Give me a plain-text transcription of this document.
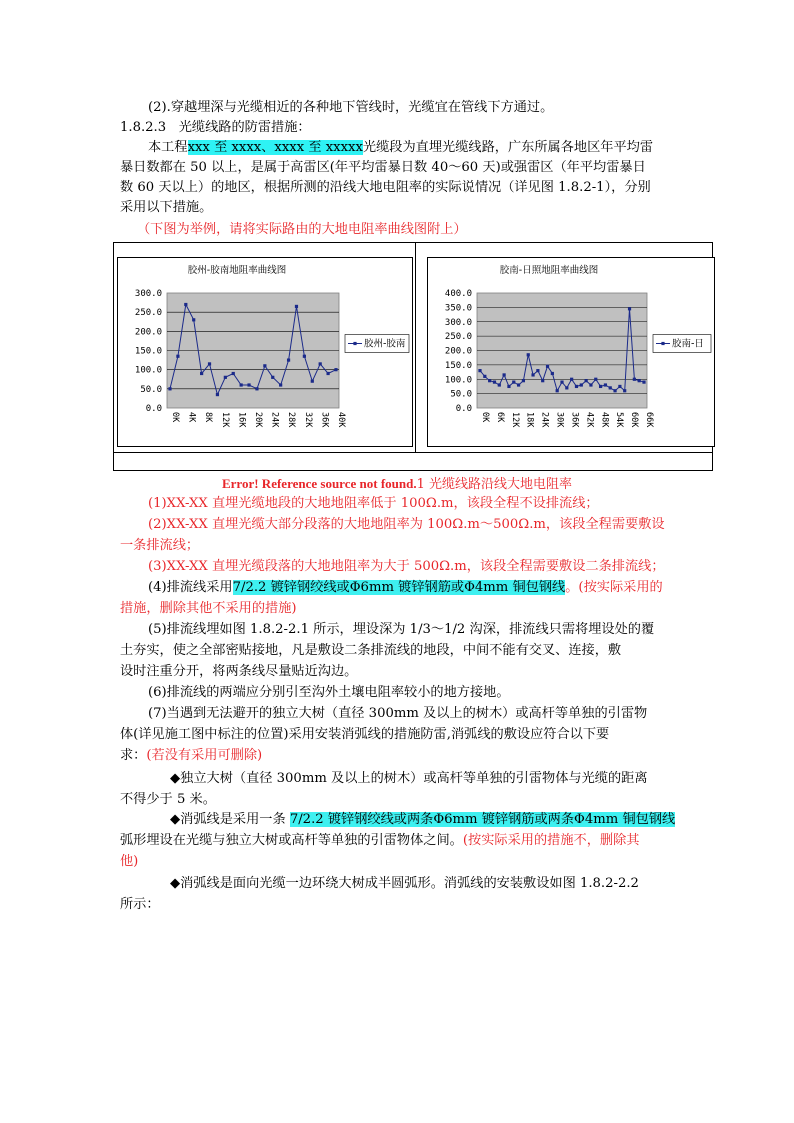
(2).穿越埋深与光缆相近的各种地下管线时，光缆宜在管线下方通过。
1.8.2.3 光缆线路的防雷措施：
本工程xxx 至 xxxx、xxxx 至 xxxxx光缆段为直埋光缆线路，广东所属各地区年平均雷
暴日数都在 50 以上，是属于高雷区(年平均雷暴日数 40～60 天)或强雷区（年平均雷暴日
数 60 天以上）的地区，根据所测的沿线大地电阻率的实际说情况（详见图 1.8.2-1），分别
采用以下措施。
（下图为举例，请将实际路由的大地电阻率曲线图附上）
胶州-胶南地阻率曲线图
0.0
50.0
100.0
150.0
200.0
250.0
300.0
0K 4K 8K 12K 16K 20K 24K 28K 32K 36K 40K
胶州-胶南
胶南-日照地阻率曲线图
0.0
50.0
100.0
150.0
200.0
250.0
300.0
350.0
400.0
0K 6K 12K 18K 24K 30K 36K 42K 48K 54K 60K 66K
胶南-日
Error! Reference source not found.1 光缆线路沿线大地电阻率
(1)XX-XX 直埋光缆地段的大地地阻率低于 100Ω.m，该段全程不设排流线；
(2)XX-XX 直埋光缆大部分段落的大地地阻率为 100Ω.m～500Ω.m，该段全程需要敷设
一条排流线；
(3)XX-XX 直埋光缆段落的大地地阻率为大于 500Ω.m，该段全程需要敷设二条排流线；
(4)排流线采用7/2.2 镀锌钢绞线或Φ6mm 镀锌钢筋或Φ4mm 铜包钢线。(按实际采用的
措施，删除其他不采用的措施)
(5)排流线埋如图 1.8.2-2.1 所示，埋设深为 1/3～1/2 沟深，排流线只需将埋设处的覆
土夯实，使之全部密贴接地，凡是敷设二条排流线的地段，中间不能有交叉、连接，敷
设时注重分开，将两条线尽量贴近沟边。
(6)排流线的两端应分别引至沟外土壤电阻率较小的地方接地。
(7)当遇到无法避开的独立大树（直径 300mm 及以上的树木）或高杆等单独的引雷物
体(详见施工图中标注的位置)采用安装消弧线的措施防雷,消弧线的敷设应符合以下要
求：(若没有采用可删除)
◆独立大树（直径 300mm 及以上的树木）或高杆等单独的引雷物体与光缆的距离
不得少于 5 米。
◆消弧线是采用一条 7/2.2 镀锌钢绞线或两条Φ6mm 镀锌钢筋或两条Φ4mm 铜包钢线
弧形埋设在光缆与独立大树或高杆等单独的引雷物体之间。(按实际采用的措施不，删除其
他)
◆消弧线是面向光缆一边环绕大树成半圆弧形。消弧线的安装敷设如图 1.8.2-2.2
所示：
